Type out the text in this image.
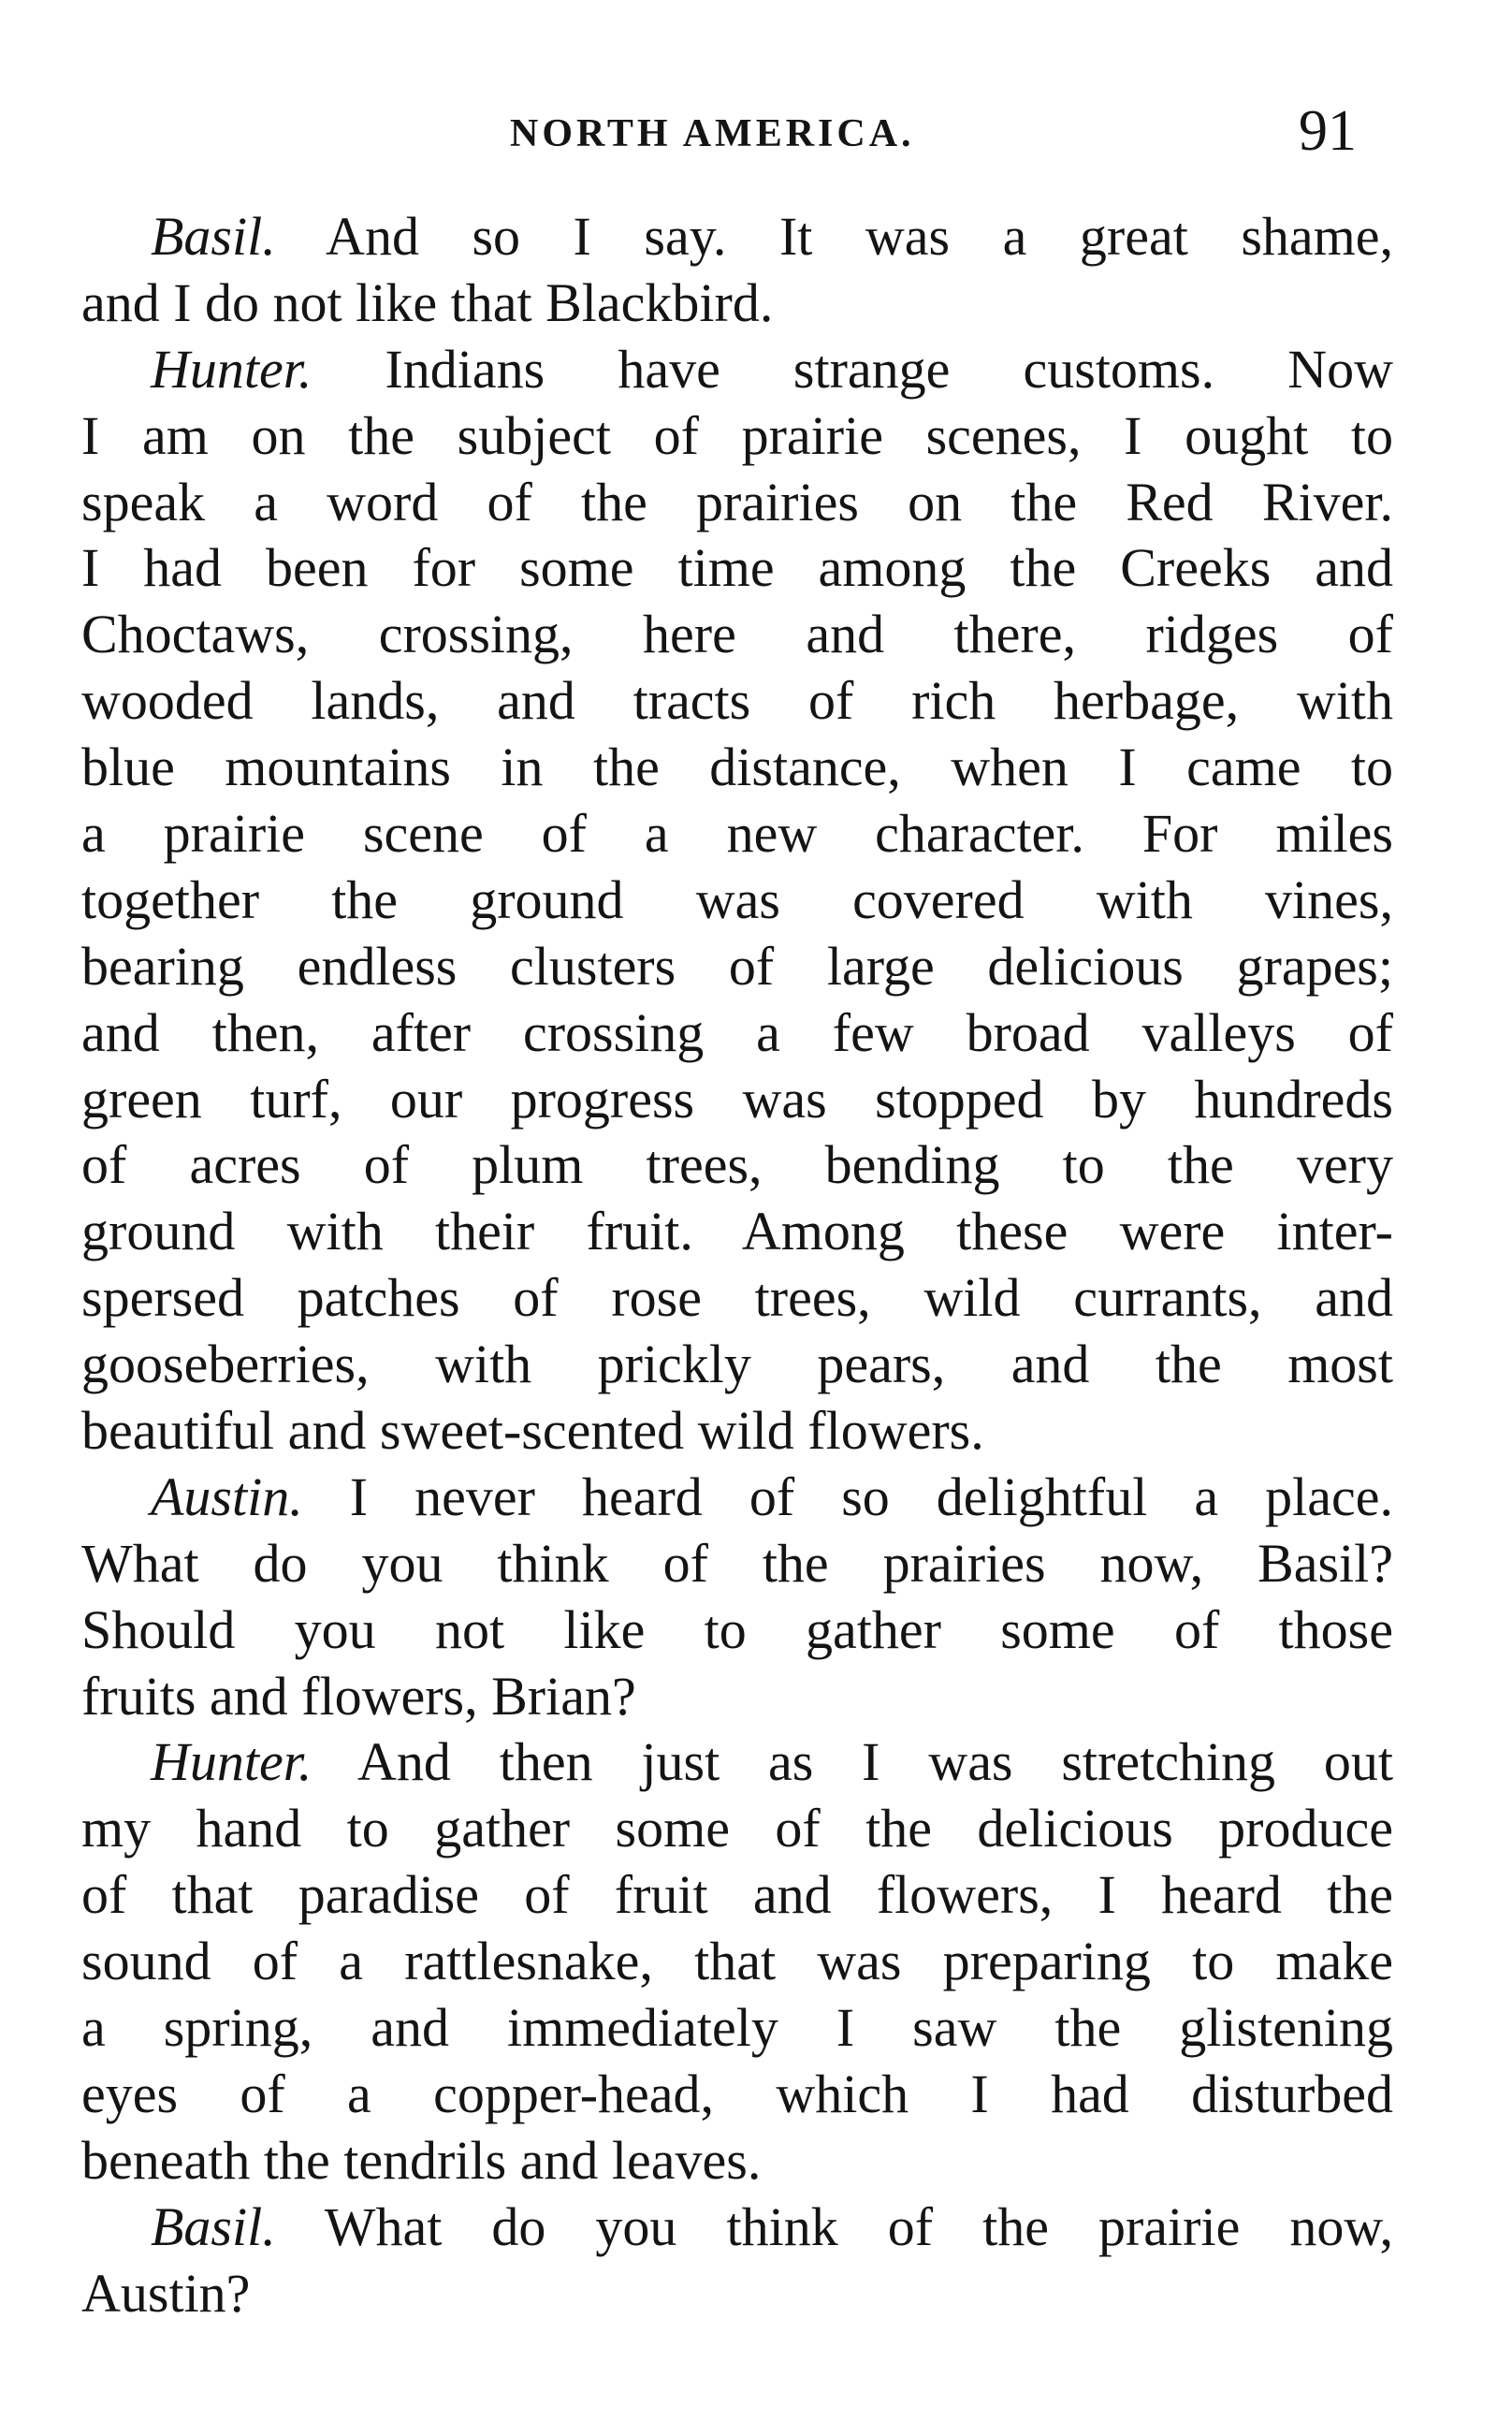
NORTH AMERICA.	91
Basil. And so I say. It was a great shame,
and I do not like that Blackbird.
Hunter. Indians have strange customs. Now
I am on the subject of prairie scenes, I ought to
speak a word of the prairies on the Red River.
I had been for some time among the Creeks and
Choctaws, crossing, here and there, ridges of
wooded lands, and tracts of rich herbage, with
blue mountains in the distance, when I came to
a prairie scene of a new character. For miles
together the ground was covered with vines,
bearing endless clusters of large delicious grapes;
and then, after crossing a few broad valleys of
green turf, our progress was stopped by hundreds
of acres of plum trees, bending to the very
ground with their fruit. Among these were inter-
spersed patches of rose trees, wild currants, and
gooseberries, with prickly pears, and the most
beautiful and sweet-scented wild flowers.
Austin. I never heard of so delightful a place.
What do you think of the prairies now, Basil?
Should you not like to gather some of those
fruits and flowers, Brian?
Hunter. And then just as I was stretching out
my hand to gather some of the delicious produce
of that paradise of fruit and flowers, I heard the
sound of a rattlesnake, that was preparing to make
a spring, and immediately I saw the glistening
eyes of a copper-head, which I had disturbed
beneath the tendrils and leaves.
Basil. What do you think of the prairie now,
Austin?
